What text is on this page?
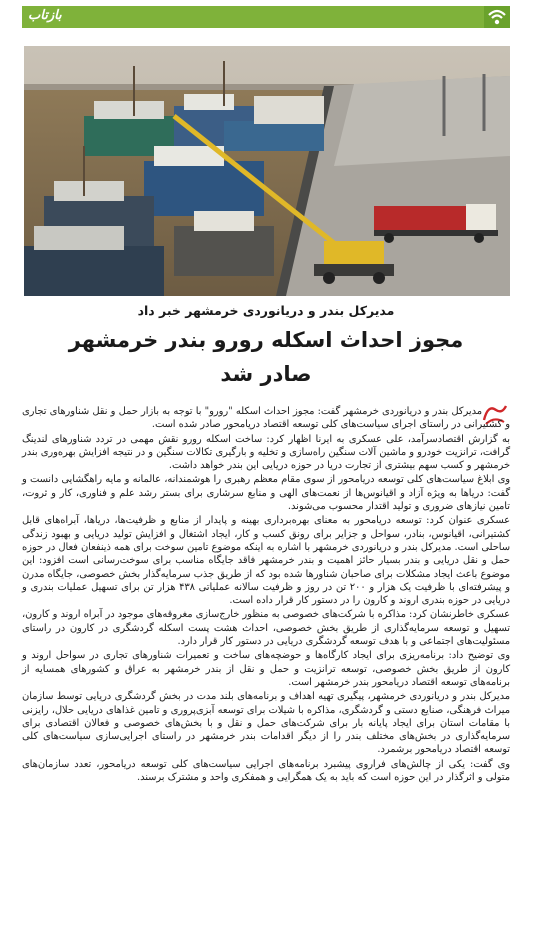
بازتاب
مدیرکل بندر و دریانوردی خرمشهر خبر داد
مجوز احداث اسکله رورو بندر خرمشهر
صادر شد

مدیرکل بندر و دریانوردی خرمشهر گفت: مجوز احداث اسکله "رورو" با توجه به بازار حمل و نقل شناورهای تجاری و کشتیرانی در راستای اجرای سیاست‌های کلی توسعه اقتصاد دریامحور صادر شده است.

به گزارش اقتصادسرآمد، علی عسکری به ایرنا اظهار کرد: ساخت اسکله رورو نقش مهمی در تردد شناورهای لندینگ گرافت، ترانزیت خودرو و ماشین آلات سنگین راه‌سازی و تخلیه و بارگیری تکالات سنگین و در نتیجه افزایش بهره‌وری بندر خرمشهر و کسب سهم بیشتری از تجارت دریا در حوزه دریایی این بندر خواهد داشت.

وی ابلاغ سیاست‌های کلی توسعه دریامحور از سوی مقام معظم رهبری را هوشمندانه، عالمانه و مایه راهگشایی دانست و گفت: دریاها به ویژه آزاد و اقیانوس‌ها از نعمت‌های الهی و منابع سرشاری برای بستر رشد علم و فناوری، کار و ثروت، تامین نیازهای ضروری و تولید اقتدار محسوب می‌شوند.

عسکری عنوان کرد: توسعه دریامحور به معنای بهره‌برداری بهینه و پایدار از منابع و ظرفیت‌ها، دریاها، آبراه‌های قابل کشتیرانی، اقیانوس، بنادر، سواحل و جزایر برای رونق کسب و کار، ایجاد اشتغال و افزایش تولید دریایی و بهبود زندگی ساحلی است. مدیرکل بندر و دریانوردی خرمشهر با اشاره به اینکه موضوع تامین سوخت برای همه ذینفعان فعال در حوزه حمل و نقل دریایی و بندر بسیار حائز اهمیت و بندر خرمشهر فاقد جایگاه مناسب برای سوخت‌رسانی است افزود: این موضوع باعث ایجاد مشکلات برای صاحبان شناورها شده بود که از طریق جذب سرمایه‌گذار بخش خصوصی، جایگاه مدرن و پیشرفته‌ای با ظرفیت یک هزار و ۲۰۰ تن در روز و ظرفیت سالانه عملیاتی ۴۳۸ هزار تن برای تسهیل عملیات بندری و دریایی در حوزه بندری اروند و کارون را در دستور کار قرار داده است.

عسکری خاطرنشان کرد: مذاکره با شرکت‌های خصوصی به منظور خارج‌سازی مغروقه‌های موجود در آبراه اروند و کارون، تسهیل و توسعه سرمایه‌گذاری از طریق بخش خصوصی، احداث هشت پست اسکله گردشگری در کارون در راستای مسئولیت‌های اجتماعی و با هدف توسعه گردشگری دریایی در دستور کار قرار دارد.

وی توضیح داد: برنامه‌ریزی برای ایجاد کارگاه‌ها و حوضچه‌های ساخت و تعمیرات شناورهای تجاری در سواحل اروند و کارون از طریق بخش خصوصی، توسعه ترانزیت و حمل و نقل از بندر خرمشهر به عراق و کشورهای همسایه از برنامه‌های توسعه اقتصاد دریامحور بندر خرمشهر است.

مدیرکل بندر و دریانوردی خرمشهر، پیگیری تهیه اهداف و برنامه‌های بلند مدت در بخش گردشگری دریایی توسط سازمان میراث فرهنگی، صنایع دستی و گردشگری، مذاکره با شیلات برای توسعه آبزی‌پروری و تامین غذاهای دریایی حلال، رایزنی با مقامات استان برای ایجاد پایانه بار برای شرکت‌های حمل و نقل و با بخش‌های خصوصی و فعالان اقتصادی برای سرمایه‌گذاری در بخش‌های مختلف بندر را از دیگر اقدامات بندر خرمشهر در راستای اجرایی‌سازی سیاست‌های کلی توسعه اقتصاد دریامحور برشمرد.

وی گفت: یکی از چالش‌های فراروی پیشبرد برنامه‌های اجرایی سیاست‌های کلی توسعه دریامحور، تعدد سازمان‌های متولی و اثرگذار در این حوزه است که باید به یک همگرایی و همفکری واحد و مشترک برسند.
